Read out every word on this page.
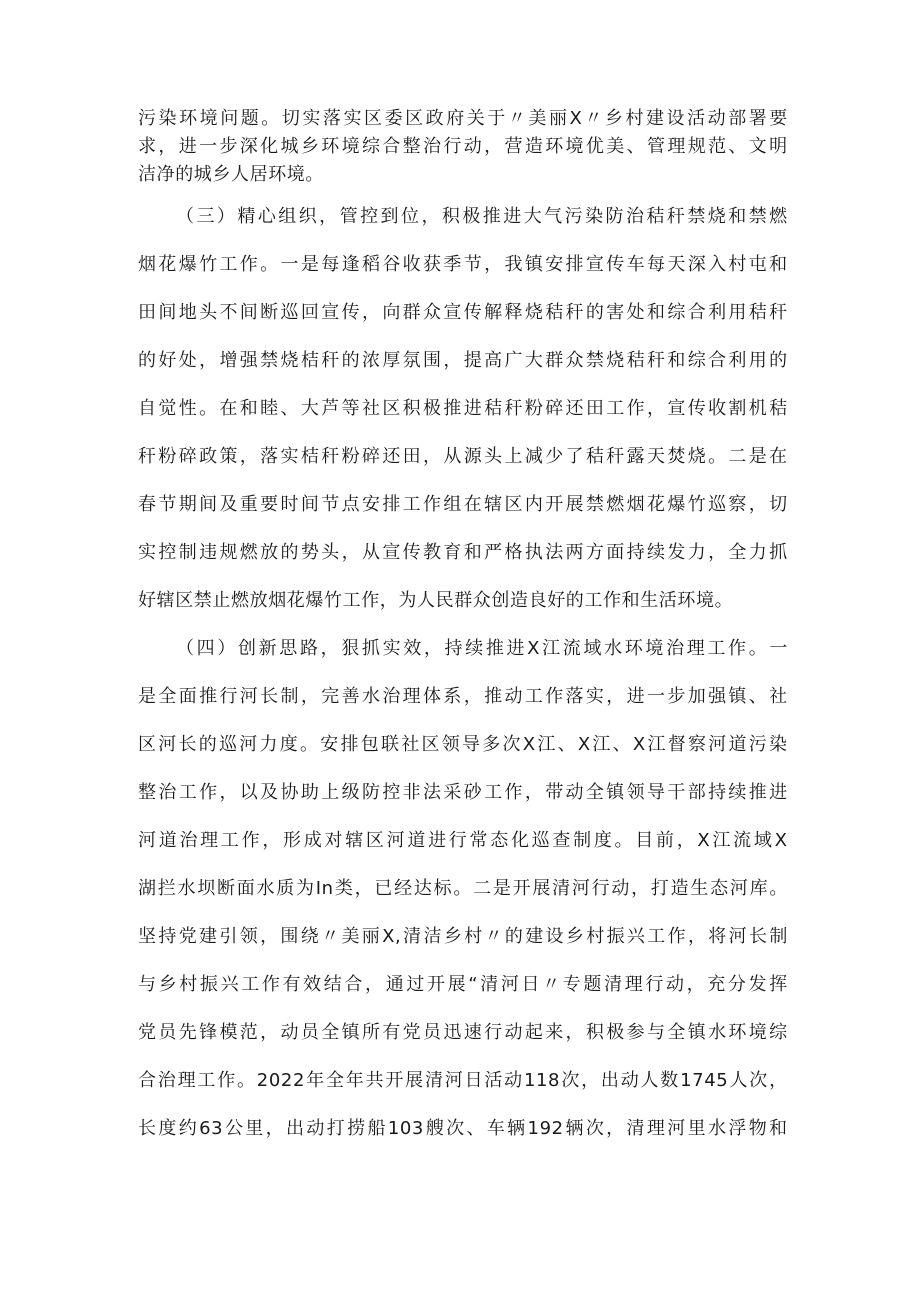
污 染 环 境 问 题 。 切 实 落 实 区 委 区 政 府 关 于 〃 美 丽 X 〃 乡 村 建 设 活 动 部 署 要
求 ， 进 一 步 深 化 城 乡 环 境 综 合 整 治 行 动 ， 营 造 环 境 优 美 、 管 理 规 范 、 文 明
洁净的城乡人居环境。
（ 三 ） 精 心 组 织 ， 管 控 到 位 ， 积 极 推 进 大 气 污 染 防 治 秸 秆 禁 烧 和 禁 燃
烟 花 爆 竹 工 作 。 一 是 每 逢 稻 谷 收 获 季 节 ， 我 镇 安 排 宣 传 车 每 天 深 入 村 屯 和
田 间 地 头 不 间 断 巡 回 宣 传 ， 向 群 众 宣 传 解 释 烧 秸 秆 的 害 处 和 综 合 利 用 秸 秆
的 好 处 ， 增 强 禁 烧 桔 秆 的 浓 厚 氛 围 ， 提 高 广 大 群 众 禁 烧 秸 秆 和 综 合 利 用 的
自 觉 性 。 在 和 睦 、 大 芦 等 社 区 积 极 推 进 秸 秆 粉 碎 还 田 工 作 ， 宣 传 收 割 机 秸
秆 粉 碎 政 策 ， 落 实 桔 秆 粉 碎 还 田 ， 从 源 头 上 减 少 了 秸 秆 露 天 焚 烧 。 二 是 在
春 节 期 间 及 重 要 时 间 节 点 安 排 工 作 组 在 辖 区 内 开 展 禁 燃 烟 花 爆 竹 巡 察 ， 切
实 控 制 违 规 燃 放 的 势 头 ， 从 宣 传 教 育 和 严 格 执 法 两 方 面 持 续 发 力 ， 全 力 抓
好辖区禁止燃放烟花爆竹工作，为人民群众创造良好的工作和生活环境。
（ 四 ） 创 新 思 路 ， 狠 抓 实 效 ， 持 续 推 进 X 江 流 域 水 环 境 治 理 工 作 。 一
是 全 面 推 行 河 长 制 ， 完 善 水 治 理 体 系 ， 推 动 工 作 落 实 ， 进 一 步 加 强 镇 、 社
区 河 长 的 巡 河 力 度 。 安 排 包 联 社 区 领 导 多 次 X 江 、 X 江 、 X 江 督 察 河 道 污 染
整 治 工 作 ， 以 及 协 助 上 级 防 控 非 法 采 砂 工 作 ， 带 动 全 镇 领 导 干 部 持 续 推 进
河 道 治 理 工 作 ， 形 成 对 辖 区 河 道 进 行 常 态 化 巡 查 制 度 。 目 前 ， X 江 流 域 X
湖 拦 水 坝 断 面 水 质 为 In 类 ， 已 经 达 标 。 二 是 开 展 清 河 行 动 ， 打 造 生 态 河 库 。
坚 持 党 建 引 领 ， 围 绕 〃 美 丽 X, 清 洁 乡 村 〃 的 建 设 乡 村 振 兴 工 作 ， 将 河 长 制
与 乡 村 振 兴 工 作 有 效 结 合 ， 通 过 开 展 “ 清 河 日 〃 专 题 清 理 行 动 ， 充 分 发 挥
党 员 先 锋 模 范 ， 动 员 全 镇 所 有 党 员 迅 速 行 动 起 来 ， 积 极 参 与 全 镇 水 环 境 综
合 治 理 工 作 。 2022 年 全 年 共 开 展 清 河 日 活 动 118 次 ， 出 动 人 数 1745 人 次 ，
长 度 约 63 公 里 ， 出 动 打 捞 船 103 艘 次 、 车 辆 192 辆 次 ， 清 理 河 里 水 浮 物 和
